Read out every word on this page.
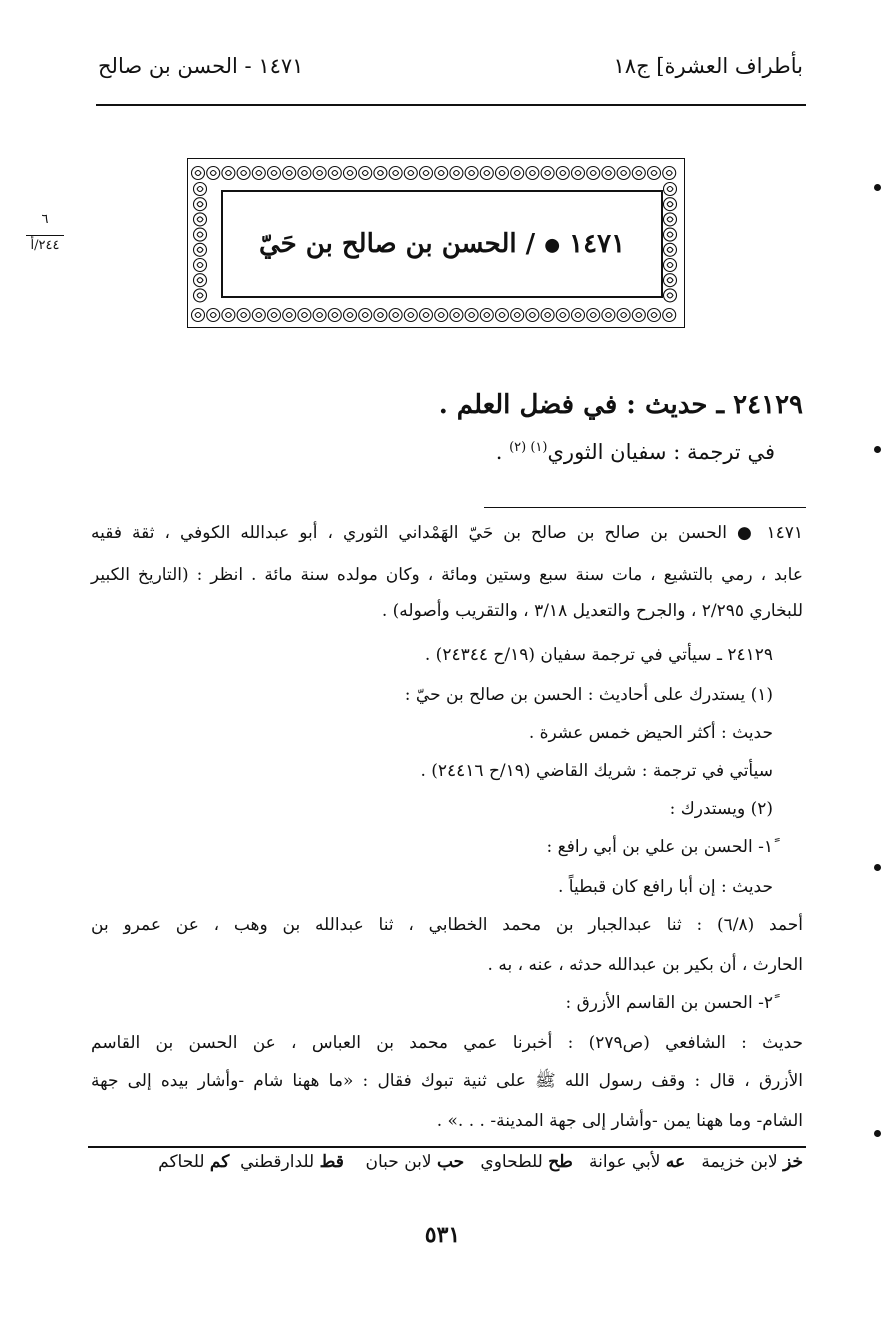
بأطراف العشرة] ج١٨
١٤٧١ - الحسن بن صالح
٦
٢٤٤/أ	١٤٧١ ● / الحسن بن صالح بن حَيّ
٢٤١٢٩ ـ حديث : في فضل العلم .
في ترجمة : سفيان الثوري$^{(١) (٢)}$ .
١٤٧١ ● الحسن بن صالح بن صالح بن حَيّ الهَمْداني الثوري ، أبو عبدالله الكوفي ، ثقة فقيه
عابد ، رمي بالتشيع ، مات سنة سبع وستين ومائة ، وكان مولده سنة مائة . انظر : (التاريخ الكبير
للبخاري ٢/٢٩٥ ، والجرح والتعديل ٣/١٨ ، والتقريب وأصوله) .
٢٤١٢٩ ـ سيأتي في ترجمة سفيان (١٩/ح ٢٤٣٤٤) .
(١) يستدرك على أحاديث : الحسن بن صالح بن حيّ :
حديث : أكثر الحيض خمس عشرة .
سيأتي في ترجمة : شريك القاضي (١٩/ح ٢٤٤١٦) .
(٢) ويستدرك :
١ً- الحسن بن علي بن أبي رافع :
حديث : إن أبا رافع كان قبطياً .
أحمد (٦/٨) : ثنا عبدالجبار بن محمد الخطابي ، ثنا عبدالله بن وهب ، عن عمرو بن
الحارث ، أن بكير بن عبدالله حدثه ، عنه ، به .
٢ً- الحسن بن القاسم الأزرق :
حديث : الشافعي (ص٢٧٩) : أخبرنا عمي محمد بن العباس ، عن الحسن بن القاسم
الأزرق ، قال : وقف رسول الله ﷺ على ثنية تبوك فقال : «ما ههنا شام -وأشار بيده إلى جهة
الشام- وما ههنا يمن -وأشار إلى جهة المدينة- . . .» .
خز لابن خزيمة   عه لأبي عوانة   طح للطحاوي   حب لابن حبان    قط للدارقطني  كم للحاكم
٥٣١
